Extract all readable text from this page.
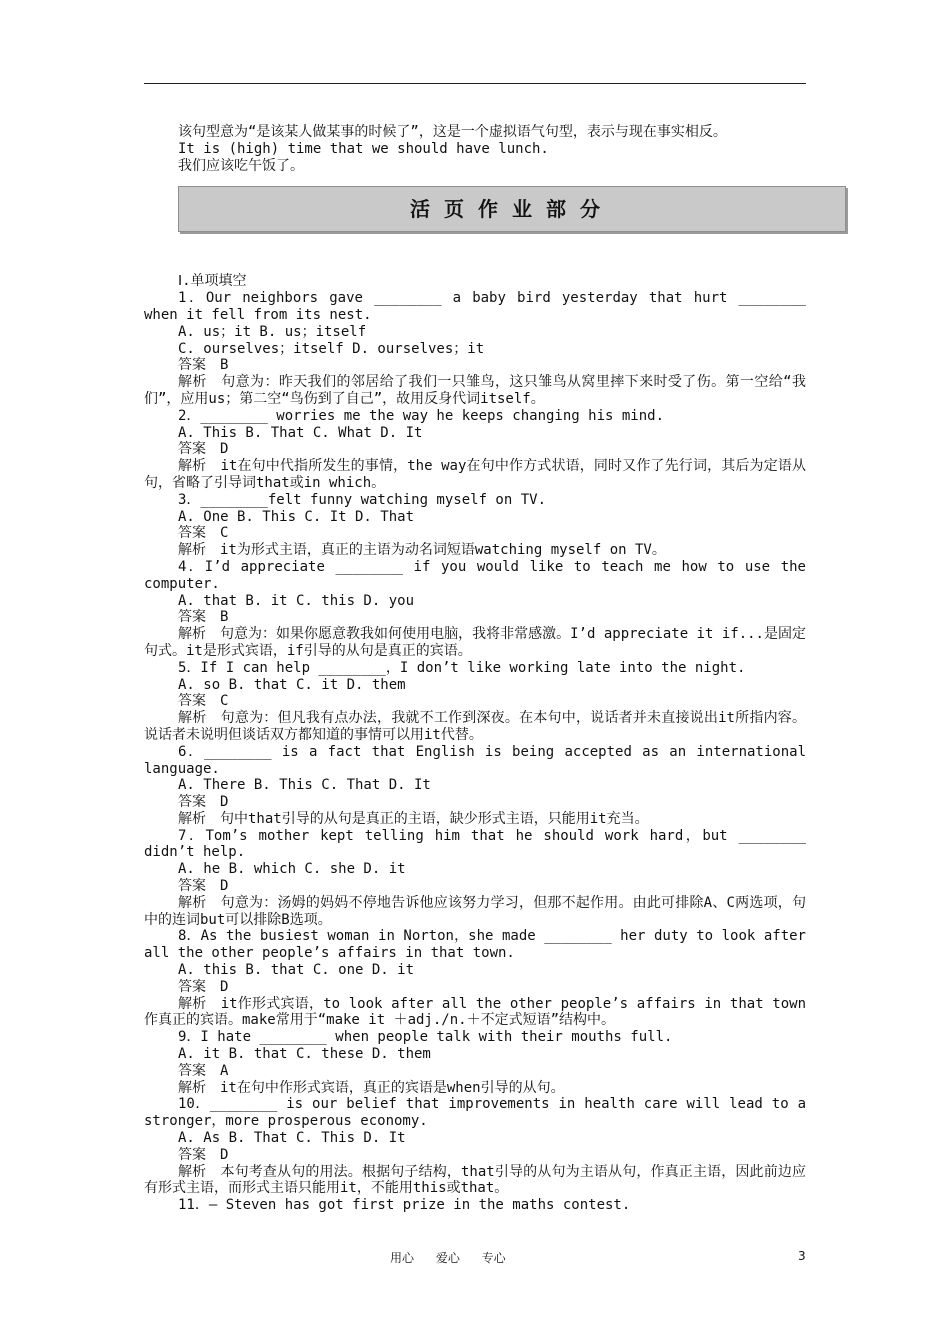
该句型意为“是该某人做某事的时候了”，这是一个虚拟语气句型，表示与现在事实相反。

It is (high) time that we should have lunch.

我们应该吃午饭了。

活页作业部分

Ⅰ.单项填空

1．Our neighbors gave ________ a baby bird yesterday that hurt ________ when it fell from its nest.

A. us；it B. us；itself

C. ourselves；itself D. ourselves；it

答案　B

解析　句意为：昨天我们的邻居给了我们一只雏鸟，这只雏鸟从窝里摔下来时受了伤。第一空给“我们”，应用us；第二空“鸟伤到了自己”，故用反身代词itself。

2．________ worries me the way he keeps changing his mind.

A. This B. That C. What D. It

答案　D

解析　it在句中代指所发生的事情，the way在句中作方式状语，同时又作了先行词，其后为定语从句，省略了引导词that或in which。

3．________felt funny watching myself on TV.

A. One B. This C. It D. That

答案　C

解析　it为形式主语，真正的主语为动名词短语watching myself on TV。

4．I’d appreciate ________ if you would like to teach me how to use the computer.

A. that B. it C. this D. you

答案　B

解析　句意为：如果你愿意教我如何使用电脑，我将非常感激。I’d appreciate it if...是固定句式。it是形式宾语，if引导的从句是真正的宾语。

5．If I can help ________，I don’t like working late into the night.

A. so B. that C. it D. them

答案　C

解析　句意为：但凡我有点办法，我就不工作到深夜。在本句中，说话者并未直接说出it所指内容。说话者未说明但谈话双方都知道的事情可以用it代替。

6．________ is a fact that English is being accepted as an international language.

A. There B. This C. That D. It

答案　D

解析　句中that引导的从句是真正的主语，缺少形式主语，只能用it充当。

7．Tom’s mother kept telling him that he should work hard，but ________ didn’t help.

A. he B. which C. she D. it

答案　D

解析　句意为：汤姆的妈妈不停地告诉他应该努力学习，但那不起作用。由此可排除A、C两选项，句中的连词but可以排除B选项。

8．As the busiest woman in Norton，she made ________ her duty to look after all the other people’s affairs in that town.

A. this B. that C. one D. it

答案　D

解析　it作形式宾语，to look after all the other people’s affairs in that town作真正的宾语。make常用于“make it ＋adj./n.＋不定式短语”结构中。

9．I hate ________ when people talk with their mouths full.

A. it B. that C. these D. them

答案　A

解析　it在句中作形式宾语，真正的宾语是when引导的从句。

10．________ is our belief that improvements in health care will lead to a stronger，more prosperous economy.

A. As B. That C. This D. It

答案　D

解析　本句考查从句的用法。根据句子结构，that引导的从句为主语从句，作真正主语，因此前边应有形式主语，而形式主语只能用it，不能用this或that。

11．— Steven has got first prize in the maths contest.

用心 爱心 专心	3
